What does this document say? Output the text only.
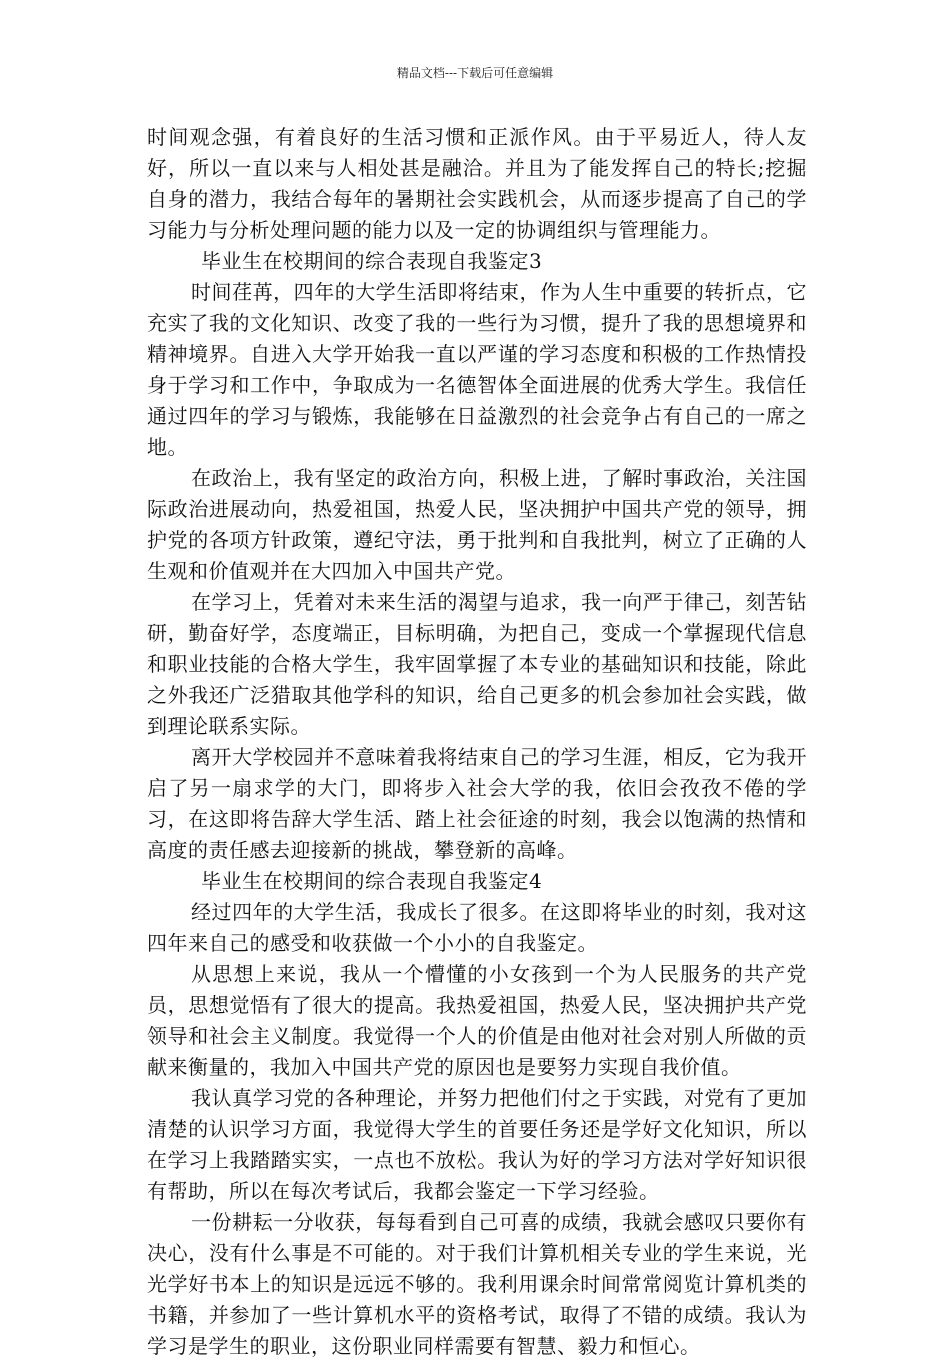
精品文档---下载后可任意编辑

时间观念强，有着良好的生活习惯和正派作风。由于平易近人，待人友好，所以一直以来与人相处甚是融洽。并且为了能发挥自己的特长;挖掘自身的潜力，我结合每年的暑期社会实践机会，从而逐步提高了自己的学习能力与分析处理问题的能力以及一定的协调组织与管理能力。

毕业生在校期间的综合表现自我鉴定3

时间荏苒，四年的大学生活即将结束，作为人生中重要的转折点，它充实了我的文化知识、改变了我的一些行为习惯，提升了我的思想境界和精神境界。自进入大学开始我一直以严谨的学习态度和积极的工作热情投身于学习和工作中，争取成为一名德智体全面进展的优秀大学生。我信任通过四年的学习与锻炼，我能够在日益激烈的社会竞争占有自己的一席之地。

在政治上，我有坚定的政治方向，积极上进，了解时事政治，关注国际政治进展动向，热爱祖国，热爱人民，坚决拥护中国共产党的领导，拥护党的各项方针政策，遵纪守法，勇于批判和自我批判，树立了正确的人生观和价值观并在大四加入中国共产党。

在学习上，凭着对未来生活的渴望与追求，我一向严于律己，刻苦钻研，勤奋好学，态度端正，目标明确，为把自己，变成一个掌握现代信息和职业技能的合格大学生，我牢固掌握了本专业的基础知识和技能，除此之外我还广泛猎取其他学科的知识，给自己更多的机会参加社会实践，做到理论联系实际。

离开大学校园并不意味着我将结束自己的学习生涯，相反，它为我开启了另一扇求学的大门，即将步入社会大学的我，依旧会孜孜不倦的学习，在这即将告辞大学生活、踏上社会征途的时刻，我会以饱满的热情和高度的责任感去迎接新的挑战，攀登新的高峰。

毕业生在校期间的综合表现自我鉴定4

经过四年的大学生活，我成长了很多。在这即将毕业的时刻，我对这四年来自己的感受和收获做一个小小的自我鉴定。

从思想上来说，我从一个懵懂的小女孩到一个为人民服务的共产党员，思想觉悟有了很大的提高。我热爱祖国，热爱人民，坚决拥护共产党领导和社会主义制度。我觉得一个人的价值是由他对社会对别人所做的贡献来衡量的，我加入中国共产党的原因也是要努力实现自我价值。

我认真学习党的各种理论，并努力把他们付之于实践，对党有了更加清楚的认识学习方面，我觉得大学生的首要任务还是学好文化知识，所以在学习上我踏踏实实，一点也不放松。我认为好的学习方法对学好知识很有帮助，所以在每次考试后，我都会鉴定一下学习经验。

一份耕耘一分收获，每每看到自己可喜的成绩，我就会感叹只要你有决心，没有什么事是不可能的。对于我们计算机相关专业的学生来说，光光学好书本上的知识是远远不够的。我利用课余时间常常阅览计算机类的书籍，并参加了一些计算机水平的资格考试，取得了不错的成绩。我认为学习是学生的职业，这份职业同样需要有智慧、毅力和恒心。
